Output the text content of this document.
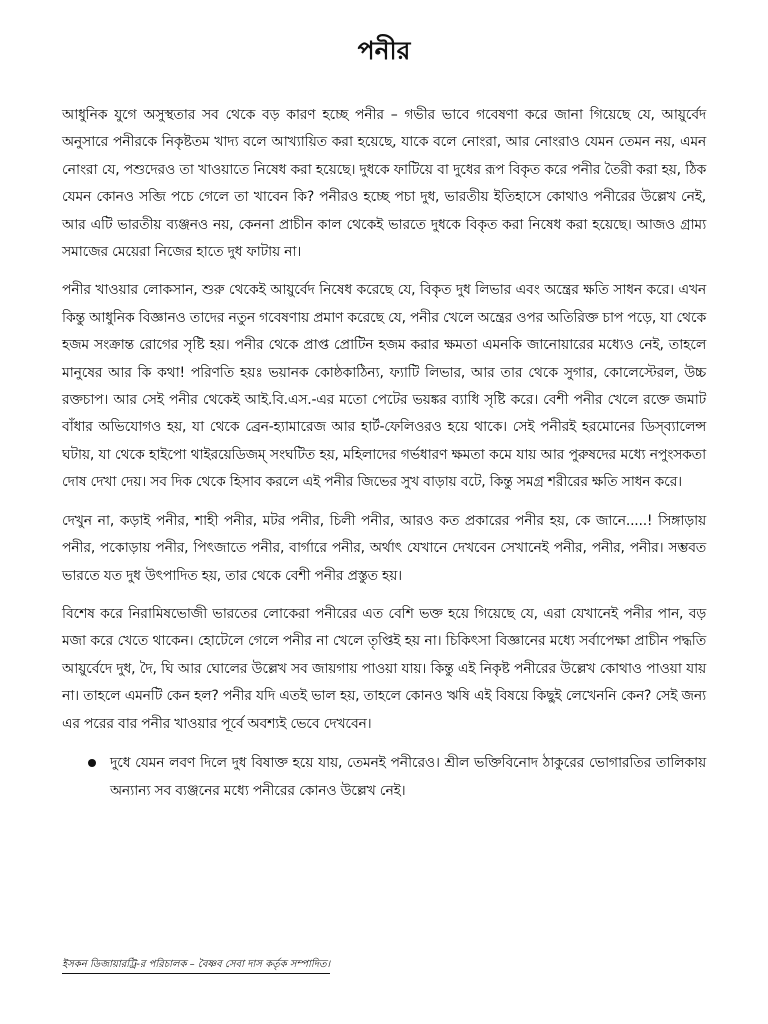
পনীর

আধুনিক যুগে অসুস্থতার সব থেকে বড় কারণ হচ্ছে পনীর – গভীর ভাবে গবেষণা করে জানা গিয়েছে যে, আয়ুর্বেদ অনুসারে পনীরকে নিকৃষ্টতম খাদ্য বলে আখ্যায়িত করা হয়েছে, যাকে বলে নোংরা, আর নোংরাও যেমন তেমন নয়, এমন নোংরা যে, পশুদেরও তা খাওয়াতে নিষেধ করা হয়েছে। দুধকে ফাটিয়ে বা দুধের রূপ বিকৃত করে পনীর তৈরী করা হয়, ঠিক যেমন কোনও সব্জি পচে গেলে তা খাবেন কি? পনীরও হচ্ছে পচা দুধ, ভারতীয় ইতিহাসে কোথাও পনীরের উল্লেখ নেই, আর এটি ভারতীয় ব্যঞ্জনও নয়, কেননা প্রাচীন কাল থেকেই ভারতে দুধকে বিকৃত করা নিষেধ করা হয়েছে। আজও গ্রাম্য সমাজের মেয়েরা নিজের হাতে দুধ ফাটায় না।

পনীর খাওয়ার লোকসান, শুরু থেকেই আয়ুর্বেদ নিষেধ করেছে যে, বিকৃত দুধ লিভার এবং অন্ত্রের ক্ষতি সাধন করে। এখন কিন্তু আধুনিক বিজ্ঞানও তাদের নতুন গবেষণায় প্রমাণ করেছে যে, পনীর খেলে অন্ত্রের ওপর অতিরিক্ত চাপ পড়ে, যা থেকে হজম সংক্রান্ত রোগের সৃষ্টি হয়। পনীর থেকে প্রাপ্ত প্রোটিন হজম করার ক্ষমতা এমনকি জানোয়ারের মধ্যেও নেই, তাহলে মানুষের আর কি কথা! পরিণতি হয়ঃ ভয়ানক কোষ্ঠকাঠিন্য, ফ্যাটি লিভার, আর তার থেকে সুগার, কোলেস্টেরল, উচ্চ রক্তচাপ। আর সেই পনীর থেকেই আই.বি.এস.-এর মতো পেটের ভয়ঙ্কর ব্যাধি সৃষ্টি করে। বেশী পনীর খেলে রক্তে জমাট বাঁধার অভিযোগও হয়, যা থেকে ব্রেন-হ্যামারেজ আর হার্ট-ফেলিওরও হয়ে থাকে। সেই পনীরই হরমোনের ডিস্‌ব্যালেন্স ঘটায়, যা থেকে হাইপো থাইরয়েডিজম্‌ সংঘটিত হয়, মহিলাদের গর্ভধারণ ক্ষমতা কমে যায় আর পুরুষদের মধ্যে নপুংসকতা দোষ দেখা দেয়। সব দিক থেকে হিসাব করলে এই পনীর জিভের সুখ বাড়ায় বটে, কিন্তু সমগ্র শরীরের ক্ষতি সাধন করে।

দেখুন না, কড়াই পনীর, শাহী পনীর, মটর পনীর, চিলী পনীর, আরও কত প্রকারের পনীর হয়, কে জানে.....! সিঙ্গাড়ায় পনীর, পকোড়ায় পনীর, পিৎজাতে পনীর, বার্গারে পনীর, অর্থাৎ যেখানে দেখবেন সেখানেই পনীর, পনীর, পনীর। সম্ভবত ভারতে যত দুধ উৎপাদিত হয়, তার থেকে বেশী পনীর প্রস্তুত হয়।

বিশেষ করে নিরামিষভোজী ভারতের লোকেরা পনীরের এত বেশি ভক্ত হয়ে গিয়েছে যে, এরা যেখানেই পনীর পান, বড় মজা করে খেতে থাকেন। হোটেলে গেলে পনীর না খেলে তৃপ্তিই হয় না। চিকিৎসা বিজ্ঞানের মধ্যে সর্বাপেক্ষা প্রাচীন পদ্ধতি আয়ুর্বেদে দুধ, দৈ, ঘি আর ঘোলের উল্লেখ সব জায়গায় পাওয়া যায়। কিন্তু এই নিকৃষ্ট পনীরের উল্লেখ কোথাও পাওয়া যায় না। তাহলে এমনটি কেন হল? পনীর যদি এতই ভাল হয়, তাহলে কোনও ঋষি এই বিষয়ে কিছুই লেখেননি কেন? সেই জন্য এর পরের বার পনীর খাওয়ার পূর্বে অবশ্যই ভেবে দেখবেন।

দুধে যেমন লবণ দিলে দুধ বিষাক্ত হয়ে যায়, তেমনই পনীরেও। শ্রীল ভক্তিবিনোদ ঠাকুরের ভোগারতির তালিকায় অন্যান্য সব ব্যঞ্জনের মধ্যে পনীরের কোনও উল্লেখ নেই।
ইসকন ডিজায়ারট্রি-র পরিচালক – বৈষ্ণব সেবা দাস কর্তৃক সম্পাদিত।
